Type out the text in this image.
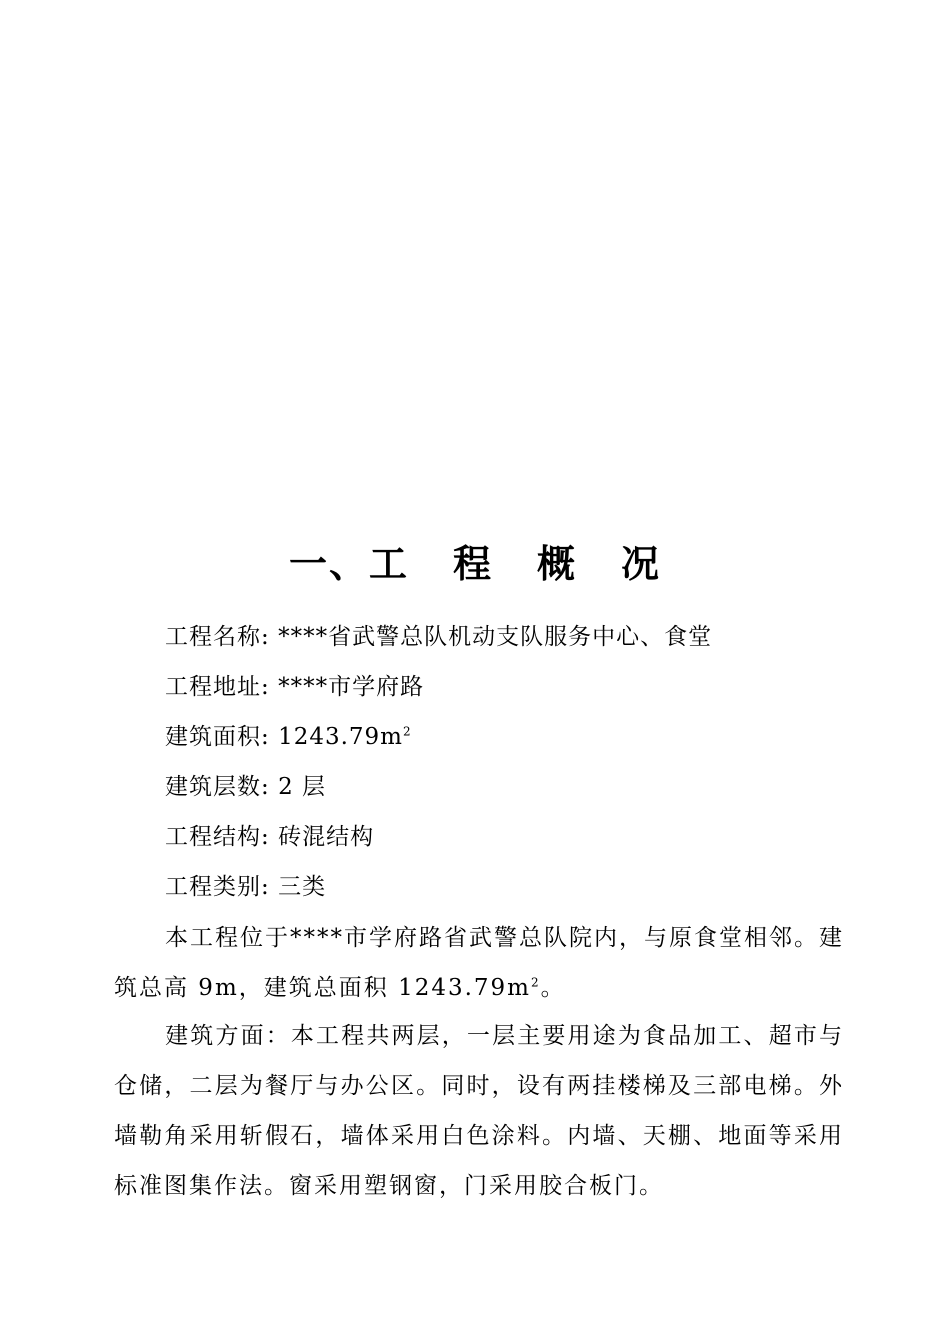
一、工 程 概 况
工程名称: ****省武警总队机动支队服务中心、食堂
工程地址: ****市学府路
建筑面积: $1243.79m^2$
建筑层数: 2 层
工程结构: 砖混结构
工程类别: 三类
本工程位于****市学府路省武警总队院内，与原食堂相邻。建筑总高 9m，建筑总面积 $1243.79m^2$。
建筑方面：本工程共两层，一层主要用途为食品加工、超市与仓储，二层为餐厅与办公区。同时，设有两挂楼梯及三部电梯。外墙勒角采用斩假石，墙体采用白色涂料。内墙、天棚、地面等采用标准图集作法。窗采用塑钢窗，门采用胶合板门。
